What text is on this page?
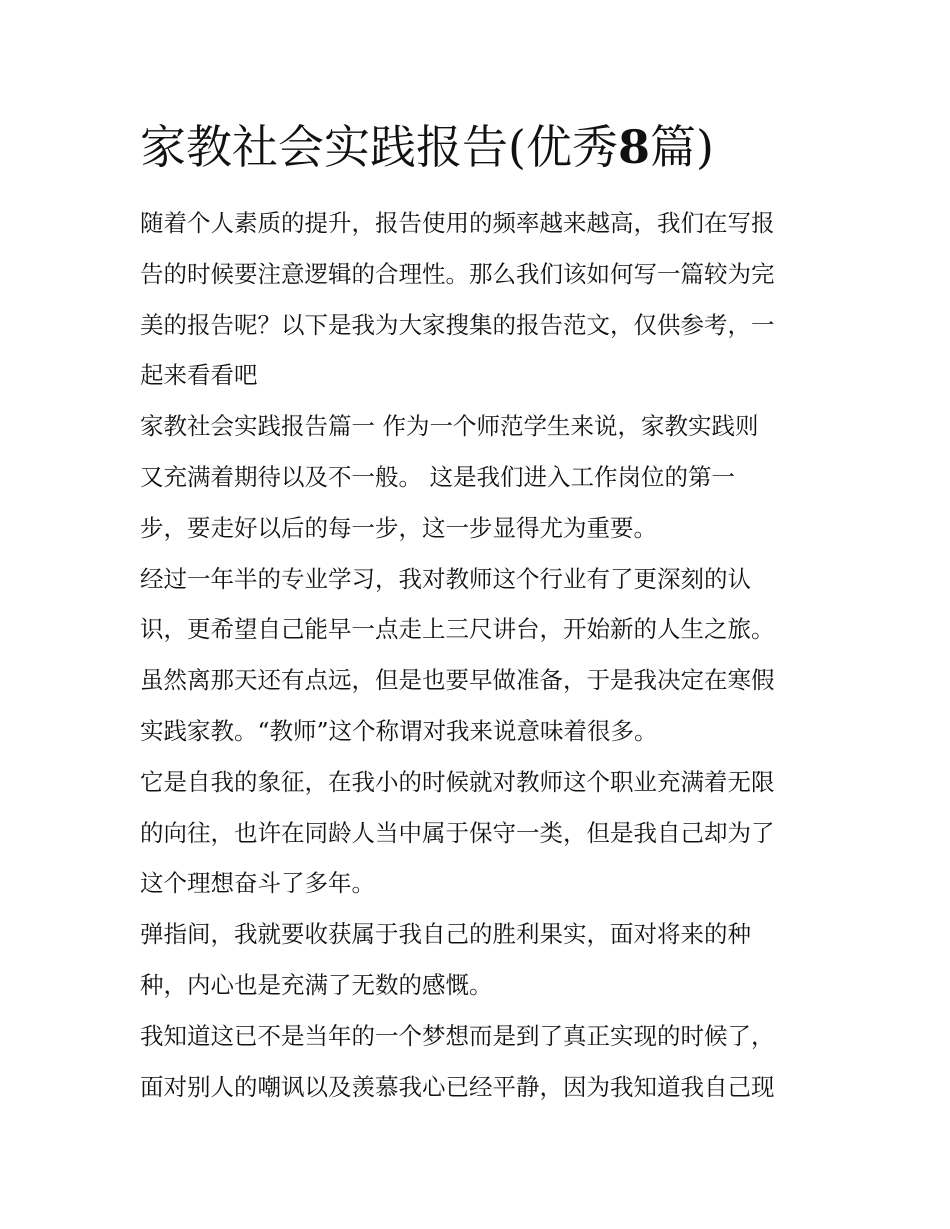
家教社会实践报告(优秀8篇)
随着个人素质的提升，报告使用的频率越来越高，我们在写报
告的时候要注意逻辑的合理性。那么我们该如何写一篇较为完
美的报告呢？以下是我为大家搜集的报告范文，仅供参考，一
起来看看吧
家教社会实践报告篇一 作为一个师范学生来说，家教实践则
又充满着期待以及不一般。 这是我们进入工作岗位的第一
步，要走好以后的每一步，这一步显得尤为重要。
经过一年半的专业学习，我对教师这个行业有了更深刻的认
识，更希望自己能早一点走上三尺讲台，开始新的人生之旅。
虽然离那天还有点远，但是也要早做准备，于是我决定在寒假
实践家教。“教师”这个称谓对我来说意味着很多。
它是自我的象征，在我小的时候就对教师这个职业充满着无限
的向往，也许在同龄人当中属于保守一类，但是我自己却为了
这个理想奋斗了多年。
弹指间，我就要收获属于我自己的胜利果实，面对将来的种
种，内心也是充满了无数的感慨。
我知道这已不是当年的一个梦想而是到了真正实现的时候了，
面对别人的嘲讽以及羡慕我心已经平静，因为我知道我自己现
